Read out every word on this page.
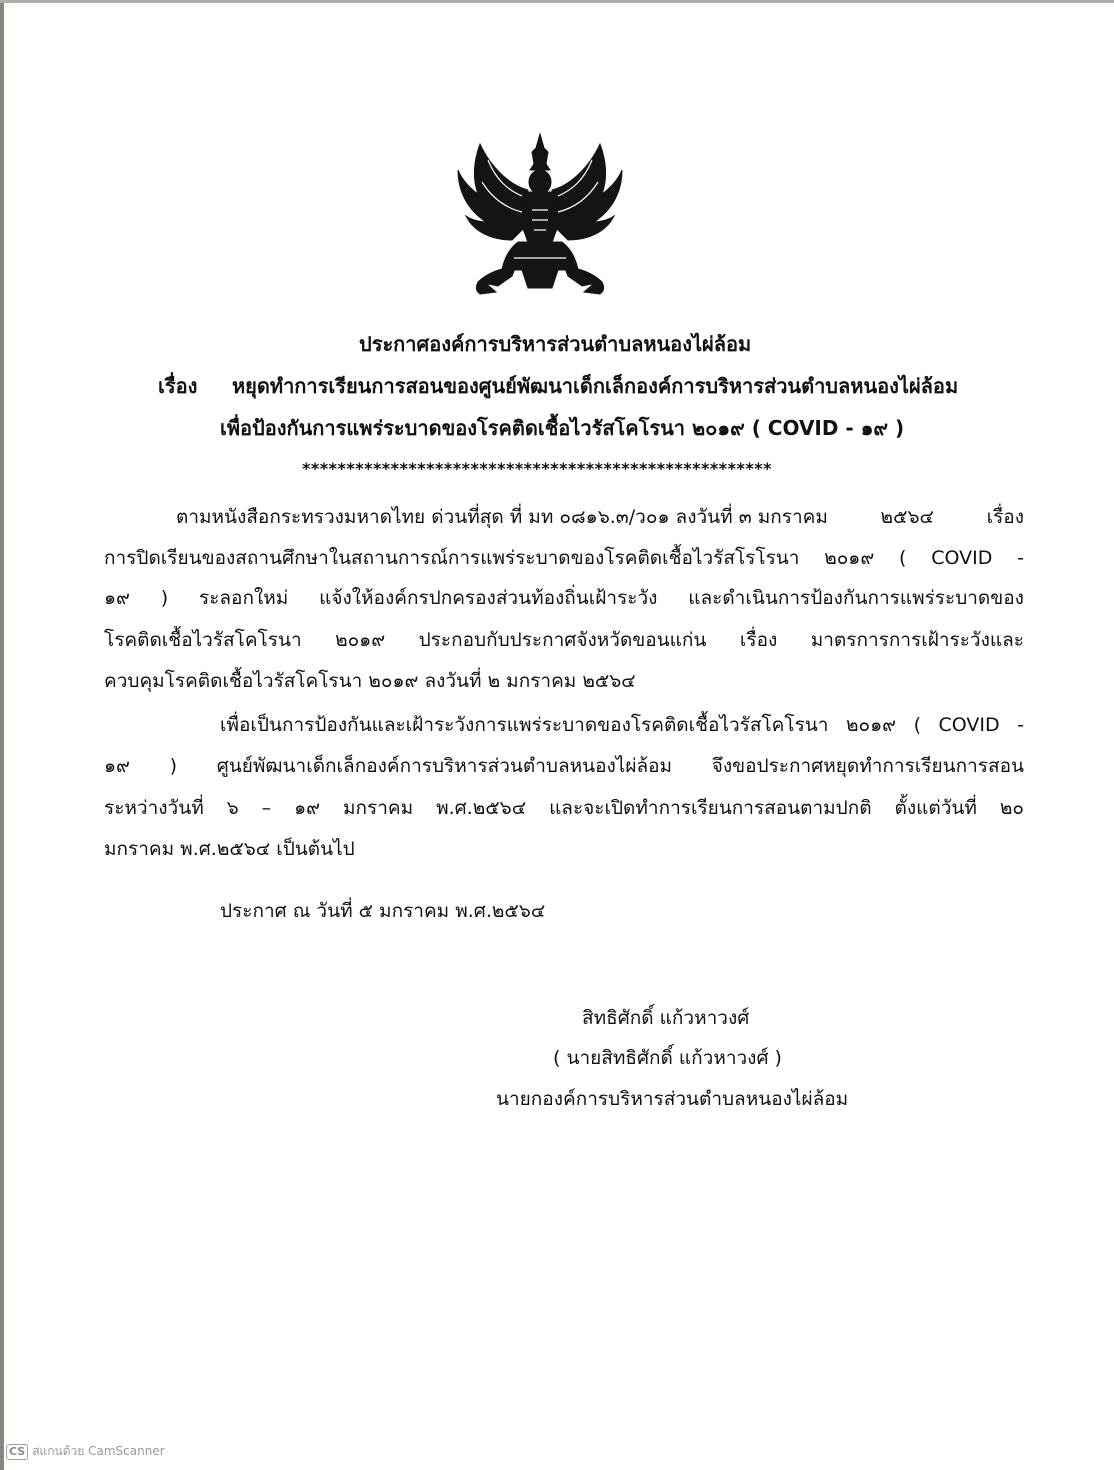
ประกาศองค์การบริหารส่วนตำบลหนองไผ่ล้อม
เรื่อง หยุดทำการเรียนการสอนของศูนย์พัฒนาเด็กเล็กองค์การบริหารส่วนตำบลหนองไผ่ล้อม
เพื่อป้องกันการแพร่ระบาดของโรคติดเชื้อไวรัสโคโรนา ๒๐๑๙ ( COVID - ๑๙ )
*****************************************************
ตามหนังสือกระทรวงมหาดไทย ด่วนที่สุด ที่ มท ๐๘๑๖.๓/ว๐๑ ลงวันที่ ๓ มกราคม	๒๕๖๔	เรื่อง
การปิดเรียนของสถานศึกษาในสถานการณ์การแพร่ระบาดของโรคติดเชื้อไวรัสโรโรนา ๒๐๑๙ ( COVID -
๑๙ ) ระลอกใหม่ แจ้งให้องค์กรปกครองส่วนท้องถิ่นเฝ้าระวัง และดำเนินการป้องกันการแพร่ระบาดของ
โรคติดเชื้อไวรัสโคโรนา ๒๐๑๙ ประกอบกับประกาศจังหวัดขอนแก่น เรื่อง มาตรการการเฝ้าระวังและ
ควบคุมโรคติดเชื้อไวรัสโคโรนา ๒๐๑๙ ลงวันที่ ๒ มกราคม ๒๕๖๔
เพื่อเป็นการป้องกันและเฝ้าระวังการแพร่ระบาดของโรคติดเชื้อไวรัสโคโรนา ๒๐๑๙ ( COVID -
๑๙ ) ศูนย์พัฒนาเด็กเล็กองค์การบริหารส่วนตำบลหนองไผ่ล้อม จึงขอประกาศหยุดทำการเรียนการสอน
ระหว่างวันที่ ๖ – ๑๙ มกราคม พ.ศ.๒๕๖๔ และจะเปิดทำการเรียนการสอนตามปกติ ตั้งแต่วันที่ ๒๐
มกราคม พ.ศ.๒๕๖๔ เป็นต้นไป
ประกาศ ณ วันที่ ๕ มกราคม พ.ศ.๒๕๖๔
สิทธิศักดิ์ แก้วหาวงศ์
( นายสิทธิศักดิ์ แก้วหาวงศ์ )
นายกองค์การบริหารส่วนตำบลหนองไผ่ล้อม
CS สแกนด้วย CamScanner
